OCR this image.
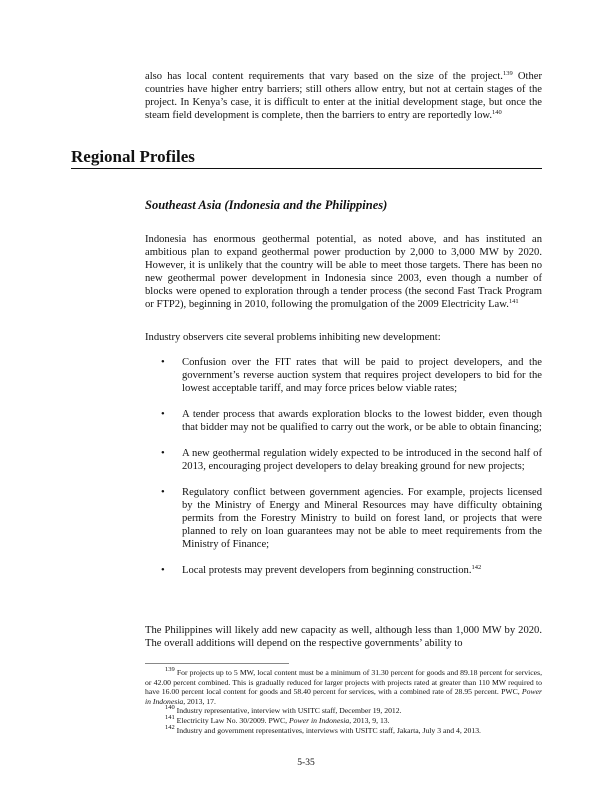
also has local content requirements that vary based on the size of the project.$^{139}$ Other countries have higher entry barriers; still others allow entry, but not at certain stages of the project. In Kenya’s case, it is difficult to enter at the initial development stage, but once the steam field development is complete, then the barriers to entry are reportedly low.$^{140}$

Regional Profiles
Southeast Asia (Indonesia and the Philippines)

Indonesia has enormous geothermal potential, as noted above, and has instituted an ambitious plan to expand geothermal power production by 2,000 to 3,000 MW by 2020. However, it is unlikely that the country will be able to meet those targets. There has been no new geothermal power development in Indonesia since 2003, even though a number of blocks were opened to exploration through a tender process (the second Fast Track Program or FTP2), beginning in 2010, following the promulgation of the 2009 Electricity Law.$^{141}$

Industry observers cite several problems inhibiting new development:

• Confusion over the FIT rates that will be paid to project developers, and the government’s reverse auction system that requires project developers to bid for the lowest acceptable tariff, and may force prices below viable rates;
• A tender process that awards exploration blocks to the lowest bidder, even though that bidder may not be qualified to carry out the work, or be able to obtain financing;
• A new geothermal regulation widely expected to be introduced in the second half of 2013, encouraging project developers to delay breaking ground for new projects;
• Regulatory conflict between government agencies. For example, projects licensed by the Ministry of Energy and Mineral Resources may have difficulty obtaining permits from the Forestry Ministry to build on forest land, or projects that were planned to rely on loan guarantees may not be able to meet requirements from the Ministry of Finance;
• Local protests may prevent developers from beginning construction.$^{142}$

The Philippines will likely add new capacity as well, although less than 1,000 MW by 2020. The overall additions will depend on the respective governments’ ability to

$^{139}$ For projects up to 5 MW, local content must be a minimum of 31.30 percent for goods and 89.18 percent for services, or 42.00 percent combined. This is gradually reduced for larger projects with projects rated at greater than 110 MW required to have 16.00 percent local content for goods and 58.40 percent for services, with a combined rate of 28.95 percent. PWC, Power in Indonesia, 2013, 17.
$^{140}$ Industry representative, interview with USITC staff, December 19, 2012.
$^{141}$ Electricity Law No. 30/2009. PWC, Power in Indonesia, 2013, 9, 13.
$^{142}$ Industry and government representatives, interviews with USITC staff, Jakarta, July 3 and 4, 2013.
5-35
